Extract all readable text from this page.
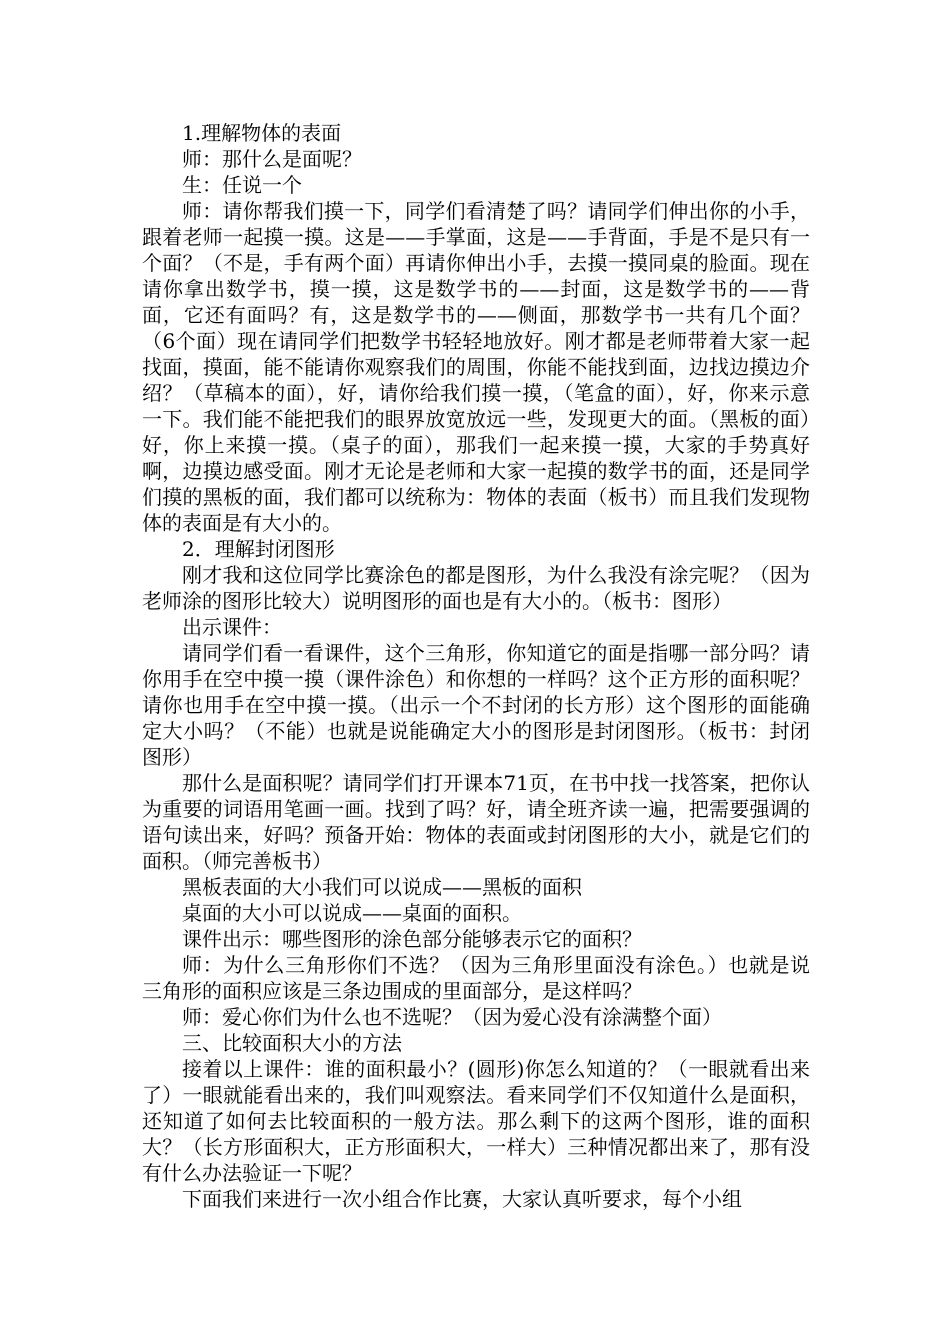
1.理解物体的表面

师：那什么是面呢？

生：任说一个

师：请你帮我们摸一下，同学们看清楚了吗？请同学们伸出你的小手，跟着老师一起摸一摸。这是——手掌面，这是——手背面，手是不是只有一个面？（不是，手有两个面）再请你伸出小手，去摸一摸同桌的脸面。现在请你拿出数学书，摸一摸，这是数学书的——封面，这是数学书的——背面，它还有面吗？有，这是数学书的——侧面，那数学书一共有几个面？（6个面）现在请同学们把数学书轻轻地放好。刚才都是老师带着大家一起找面，摸面，能不能请你观察我们的周围，你能不能找到面，边找边摸边介绍？（草稿本的面），好，请你给我们摸一摸，（笔盒的面），好，你来示意一下。我们能不能把我们的眼界放宽放远一些，发现更大的面。（黑板的面）好，你上来摸一摸。（桌子的面），那我们一起来摸一摸，大家的手势真好啊，边摸边感受面。刚才无论是老师和大家一起摸的数学书的面，还是同学们摸的黑板的面，我们都可以统称为：物体的表面（板书）而且我们发现物体的表面是有大小的。

2．理解封闭图形

刚才我和这位同学比赛涂色的都是图形，为什么我没有涂完呢？（因为老师涂的图形比较大）说明图形的面也是有大小的。（板书：图形）

出示课件：

请同学们看一看课件，这个三角形，你知道它的面是指哪一部分吗？请你用手在空中摸一摸（课件涂色）和你想的一样吗？这个正方形的面积呢？请你也用手在空中摸一摸。（出示一个不封闭的长方形）这个图形的面能确定大小吗？（不能）也就是说能确定大小的图形是封闭图形。（板书：封闭图形）

那什么是面积呢？请同学们打开课本71页，在书中找一找答案，把你认为重要的词语用笔画一画。找到了吗？好，请全班齐读一遍，把需要强调的语句读出来，好吗？预备开始：物体的表面或封闭图形的大小，就是它们的面积。（师完善板书）

黑板表面的大小我们可以说成——黑板的面积

桌面的大小可以说成——桌面的面积。

课件出示：哪些图形的涂色部分能够表示它的面积？

师：为什么三角形你们不选？（因为三角形里面没有涂色。）也就是说三角形的面积应该是三条边围成的里面部分，是这样吗？

师：爱心你们为什么也不选呢？（因为爱心没有涂满整个面）

三、比较面积大小的方法

接着以上课件：谁的面积最小？(圆形)你怎么知道的？（一眼就看出来了）一眼就能看出来的，我们叫观察法。看来同学们不仅知道什么是面积，还知道了如何去比较面积的一般方法。那么剩下的这两个图形，谁的面积大？（长方形面积大，正方形面积大，一样大）三种情况都出来了，那有没有什么办法验证一下呢？

下面我们来进行一次小组合作比赛，大家认真听要求，每个小组
